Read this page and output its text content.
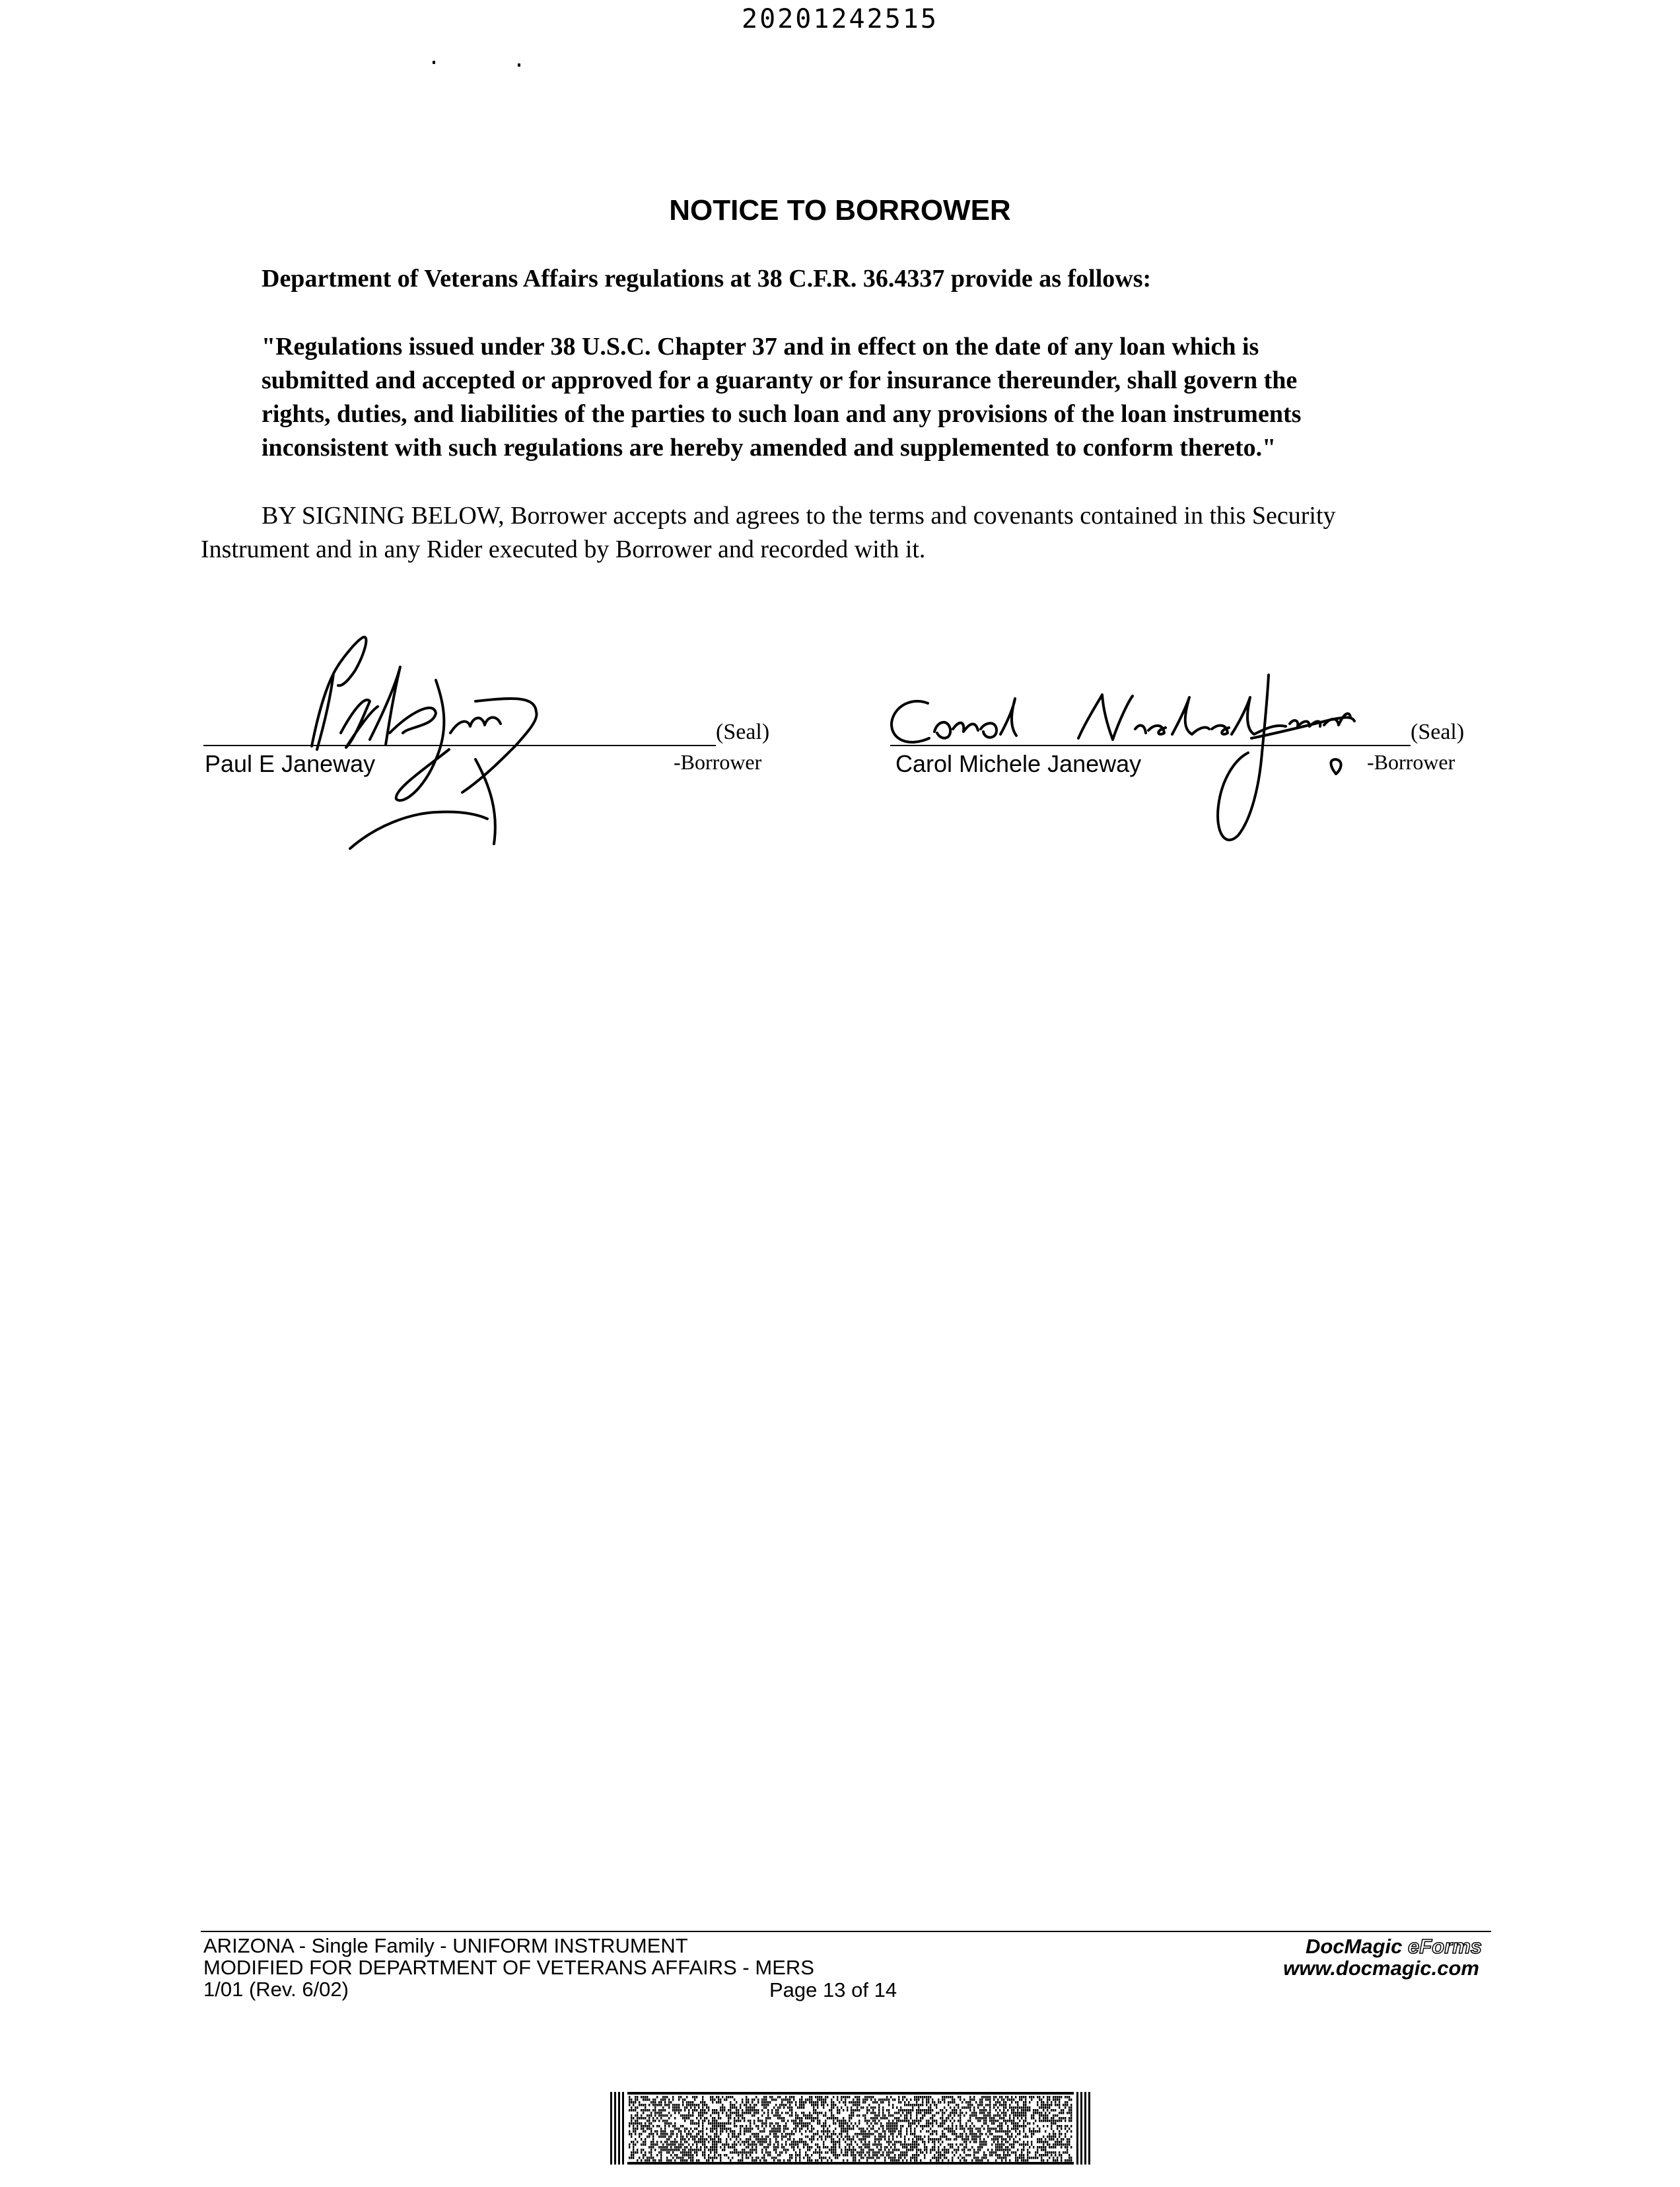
20201242515
NOTICE TO BORROWER
Department of Veterans Affairs regulations at 38 C.F.R. 36.4337 provide as follows:
"Regulations issued under 38 U.S.C. Chapter 37 and in effect on the date of any loan which is
submitted and accepted or approved for a guaranty or for insurance thereunder, shall govern the
rights, duties, and liabilities of the parties to such loan and any provisions of the loan instruments
inconsistent with such regulations are hereby amended and supplemented to conform thereto."
BY SIGNING BELOW, Borrower accepts and agrees to the terms and covenants contained in this Security
Instrument and in any Rider executed by Borrower and recorded with it.
(Seal)
Paul E Janeway	-Borrower
(Seal)
Carol Michele Janeway	-Borrower
ARIZONA - Single Family - UNIFORM INSTRUMENT
MODIFIED FOR DEPARTMENT OF VETERANS AFFAIRS - MERS
1/01 (Rev. 6/02)	Page 13 of 14
DocMagic eForms
www.docmagic.com
